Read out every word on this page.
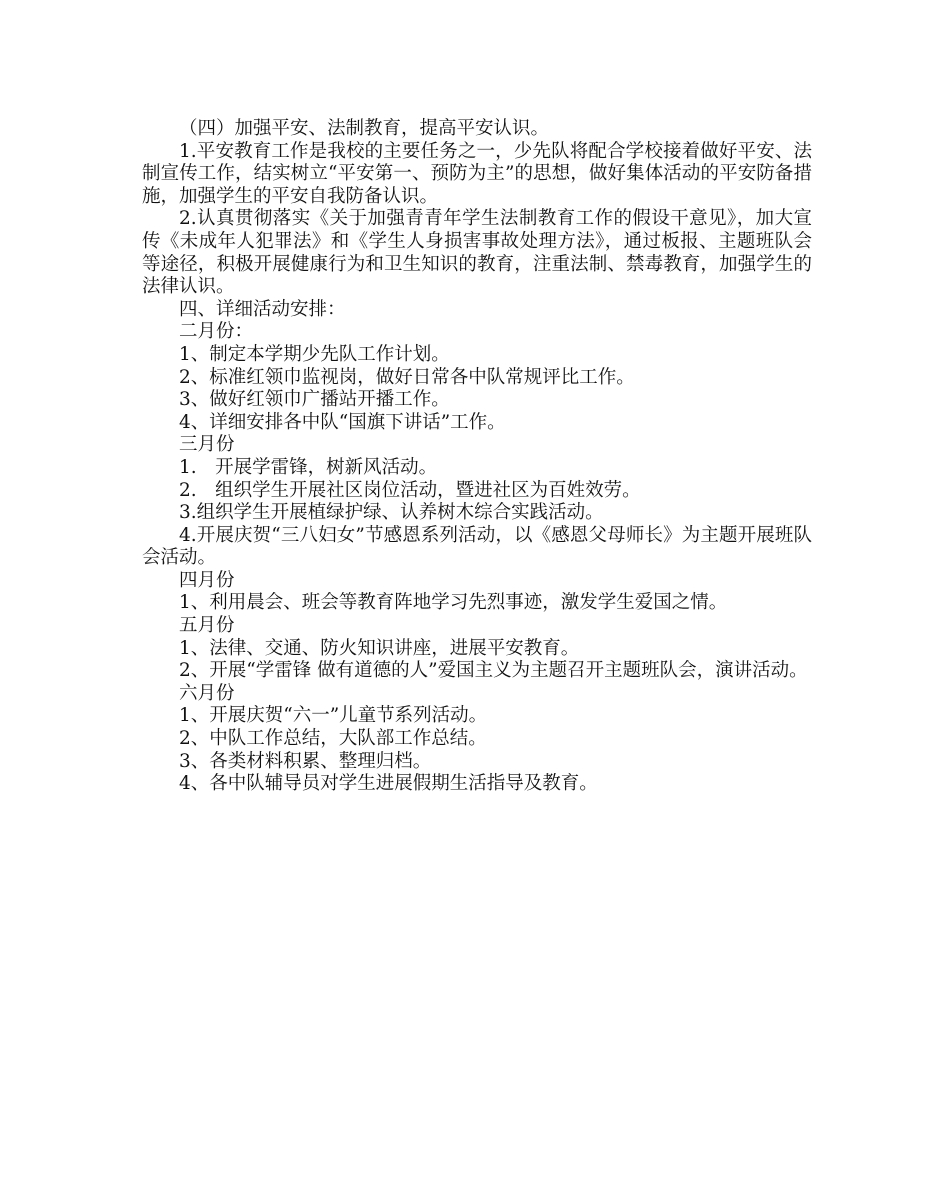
（四）加强平安、法制教育，提高平安认识。

1.平安教育工作是我校的主要任务之一，少先队将配合学校接着做好平安、法制宣传工作，结实树立“平安第一、预防为主”的思想，做好集体活动的平安防备措施，加强学生的平安自我防备认识。

2.认真贯彻落实《关于加强青青年学生法制教育工作的假设干意见》，加大宣传《未成年人犯罪法》和《学生人身损害事故处理方法》，通过板报、主题班队会等途径，积极开展健康行为和卫生知识的教育，注重法制、禁毒教育，加强学生的法律认识。

四、详细活动安排：

二月份：

1、制定本学期少先队工作计划。

2、标准红领巾监视岗，做好日常各中队常规评比工作。

3、做好红领巾广播站开播工作。

4、详细安排各中队“国旗下讲话”工作。

三月份

1.　开展学雷锋，树新风活动。

2.　组织学生开展社区岗位活动，暨进社区为百姓效劳。

3.组织学生开展植绿护绿、认养树木综合实践活动。

4.开展庆贺“三八妇女”节感恩系列活动，以《感恩父母师长》为主题开展班队会活动。

四月份

1、利用晨会、班会等教育阵地学习先烈事迹，激发学生爱国之情。

五月份

1、法律、交通、防火知识讲座，进展平安教育。

2、开展“学雷锋 做有道德的人”爱国主义为主题召开主题班队会，演讲活动。

六月份

1、开展庆贺“六一”儿童节系列活动。

2、中队工作总结，大队部工作总结。

3、各类材料积累、整理归档。

4、各中队辅导员对学生进展假期生活指导及教育。
